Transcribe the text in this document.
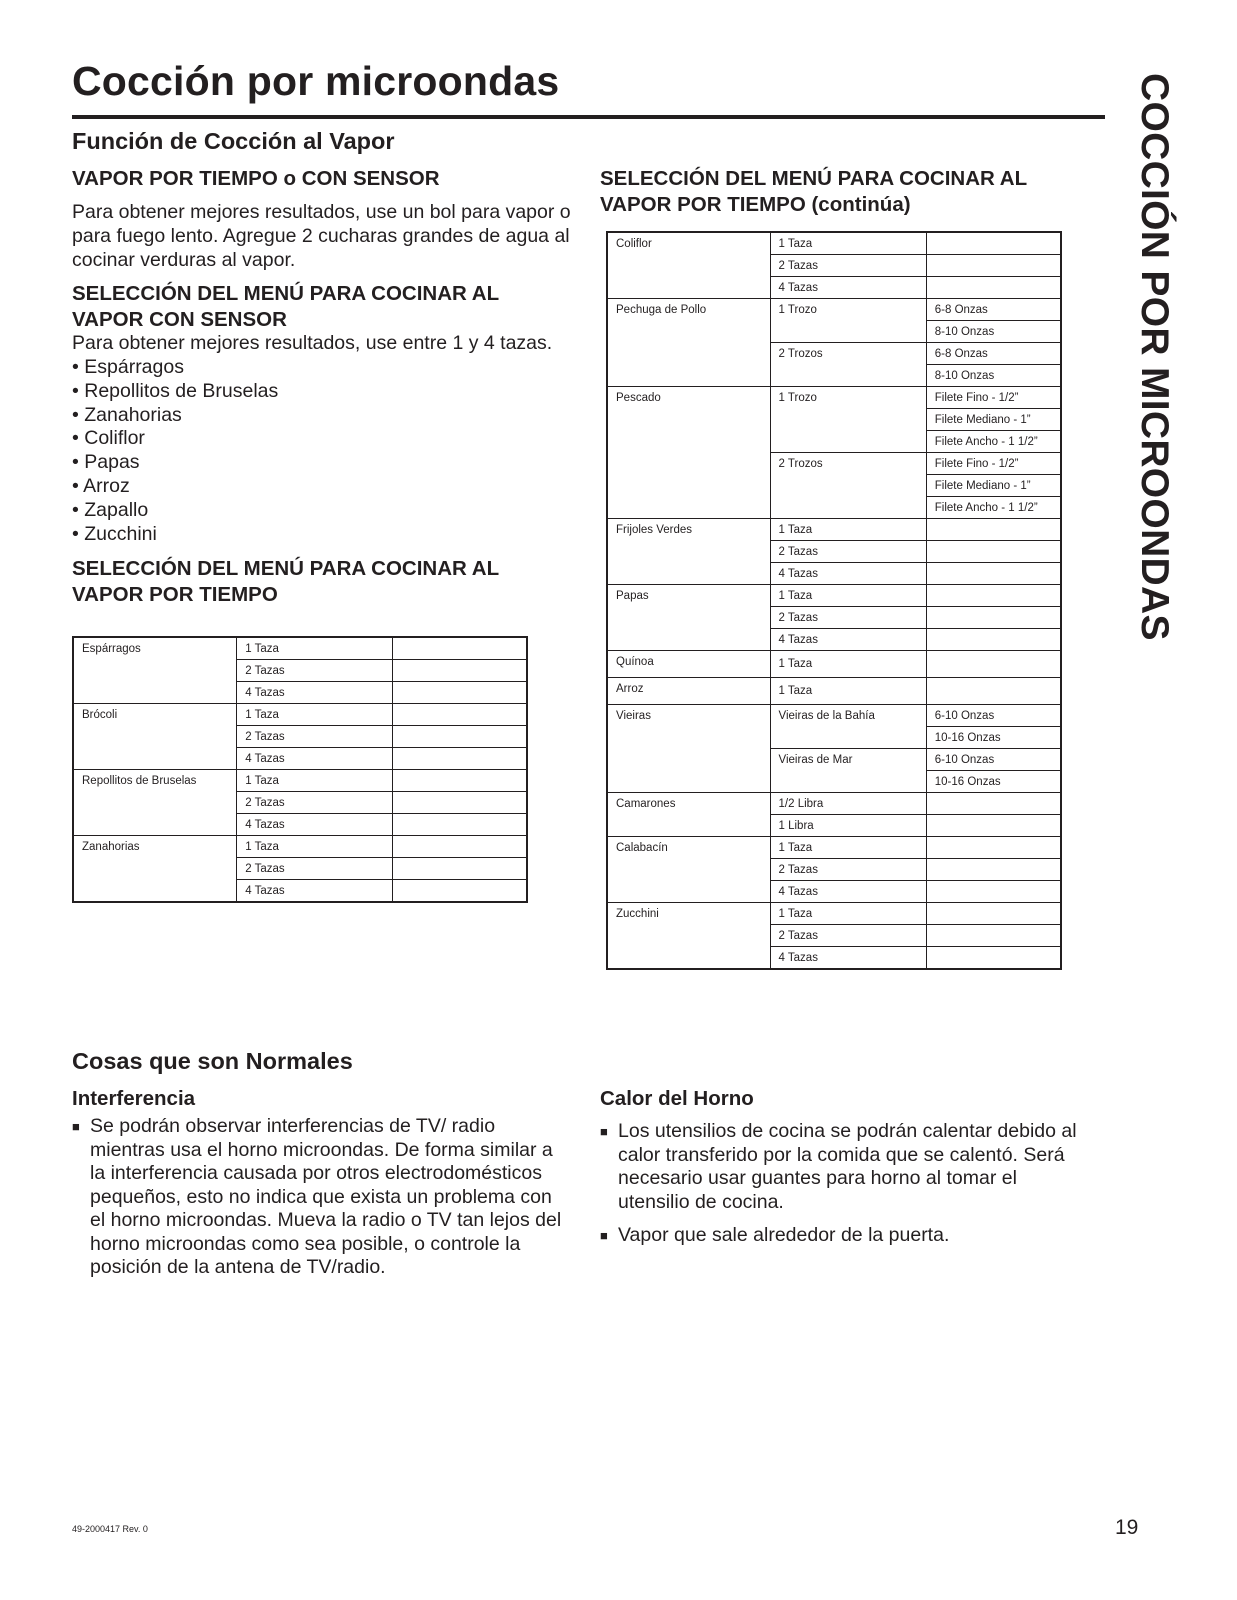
Cocción por microondas	COCCIÓN POR MICROONDAS
Función de Cocción al Vapor
VAPOR POR TIEMPO o CON SENSOR

Para obtener mejores resultados, use un bol para vapor o para fuego lento. Agregue 2 cucharas grandes de agua al cocinar verduras al vapor.

SELECCIÓN DEL MENÚ PARA COCINAR AL VAPOR CON SENSOR

Para obtener mejores resultados, use entre 1 y 4 tazas.

• Espárragos
• Repollitos de Bruselas
• Zanahorias
• Coliflor
• Papas
• Arroz
• Zapallo
• Zucchini
SELECCIÓN DEL MENÚ PARA COCINAR AL VAPOR POR TIEMPO
Espárragos	1 Taza	
	2 Tazas	
	4 Tazas	
Brócoli	1 Taza	
	2 Tazas	
	4 Tazas	
Repollitos de Bruselas	1 Taza	
	2 Tazas	
	4 Tazas	
Zanahorias	1 Taza	
	2 Tazas	
	4 Tazas	
SELECCIÓN DEL MENÚ PARA COCINAR AL VAPOR POR TIEMPO (continúa)
Coliflor	1 Taza	
	2 Tazas	
	4 Tazas	
Pechuga de Pollo	1 Trozo	6-8 Onzas
		8-10 Onzas
	2 Trozos	6-8 Onzas
		8-10 Onzas
Pescado	1 Trozo	Filete Fino - 1/2”
		Filete Mediano - 1”
		Filete Ancho - 1 1/2”
	2 Trozos	Filete Fino - 1/2”
		Filete Mediano - 1”
		Filete Ancho - 1 1/2”
Frijoles Verdes	1 Taza	
	2 Tazas	
	4 Tazas	
Papas	1 Taza	
	2 Tazas	
	4 Tazas	
Quínoa	1 Taza	
Arroz	1 Taza	
Vieiras	Vieiras de la Bahía	6-10 Onzas
		10-16 Onzas
	Vieiras de Mar	6-10 Onzas
		10-16 Onzas
Camarones	1/2 Libra	
	1 Libra	
Calabacín	1 Taza	
	2 Tazas	
	4 Tazas	
Zucchini	1 Taza	
	2 Tazas	
	4 Tazas	
Cosas que son Normales
Interferencia
■ Se podrán observar interferencias de TV/ radio mientras usa el horno microondas. De forma similar a la interferencia causada por otros electrodomésticos pequeños, esto no indica que exista un problema con el horno microondas. Mueva la radio o TV tan lejos del horno microondas como sea posible, o controle la posición de la antena de TV/radio.
Calor del Horno
■ Los utensilios de cocina se podrán calentar debido al calor transferido por la comida que se calentó. Será necesario usar guantes para horno al tomar el utensilio de cocina.
■ Vapor que sale alrededor de la puerta.
49-2000417 Rev. 0	19
